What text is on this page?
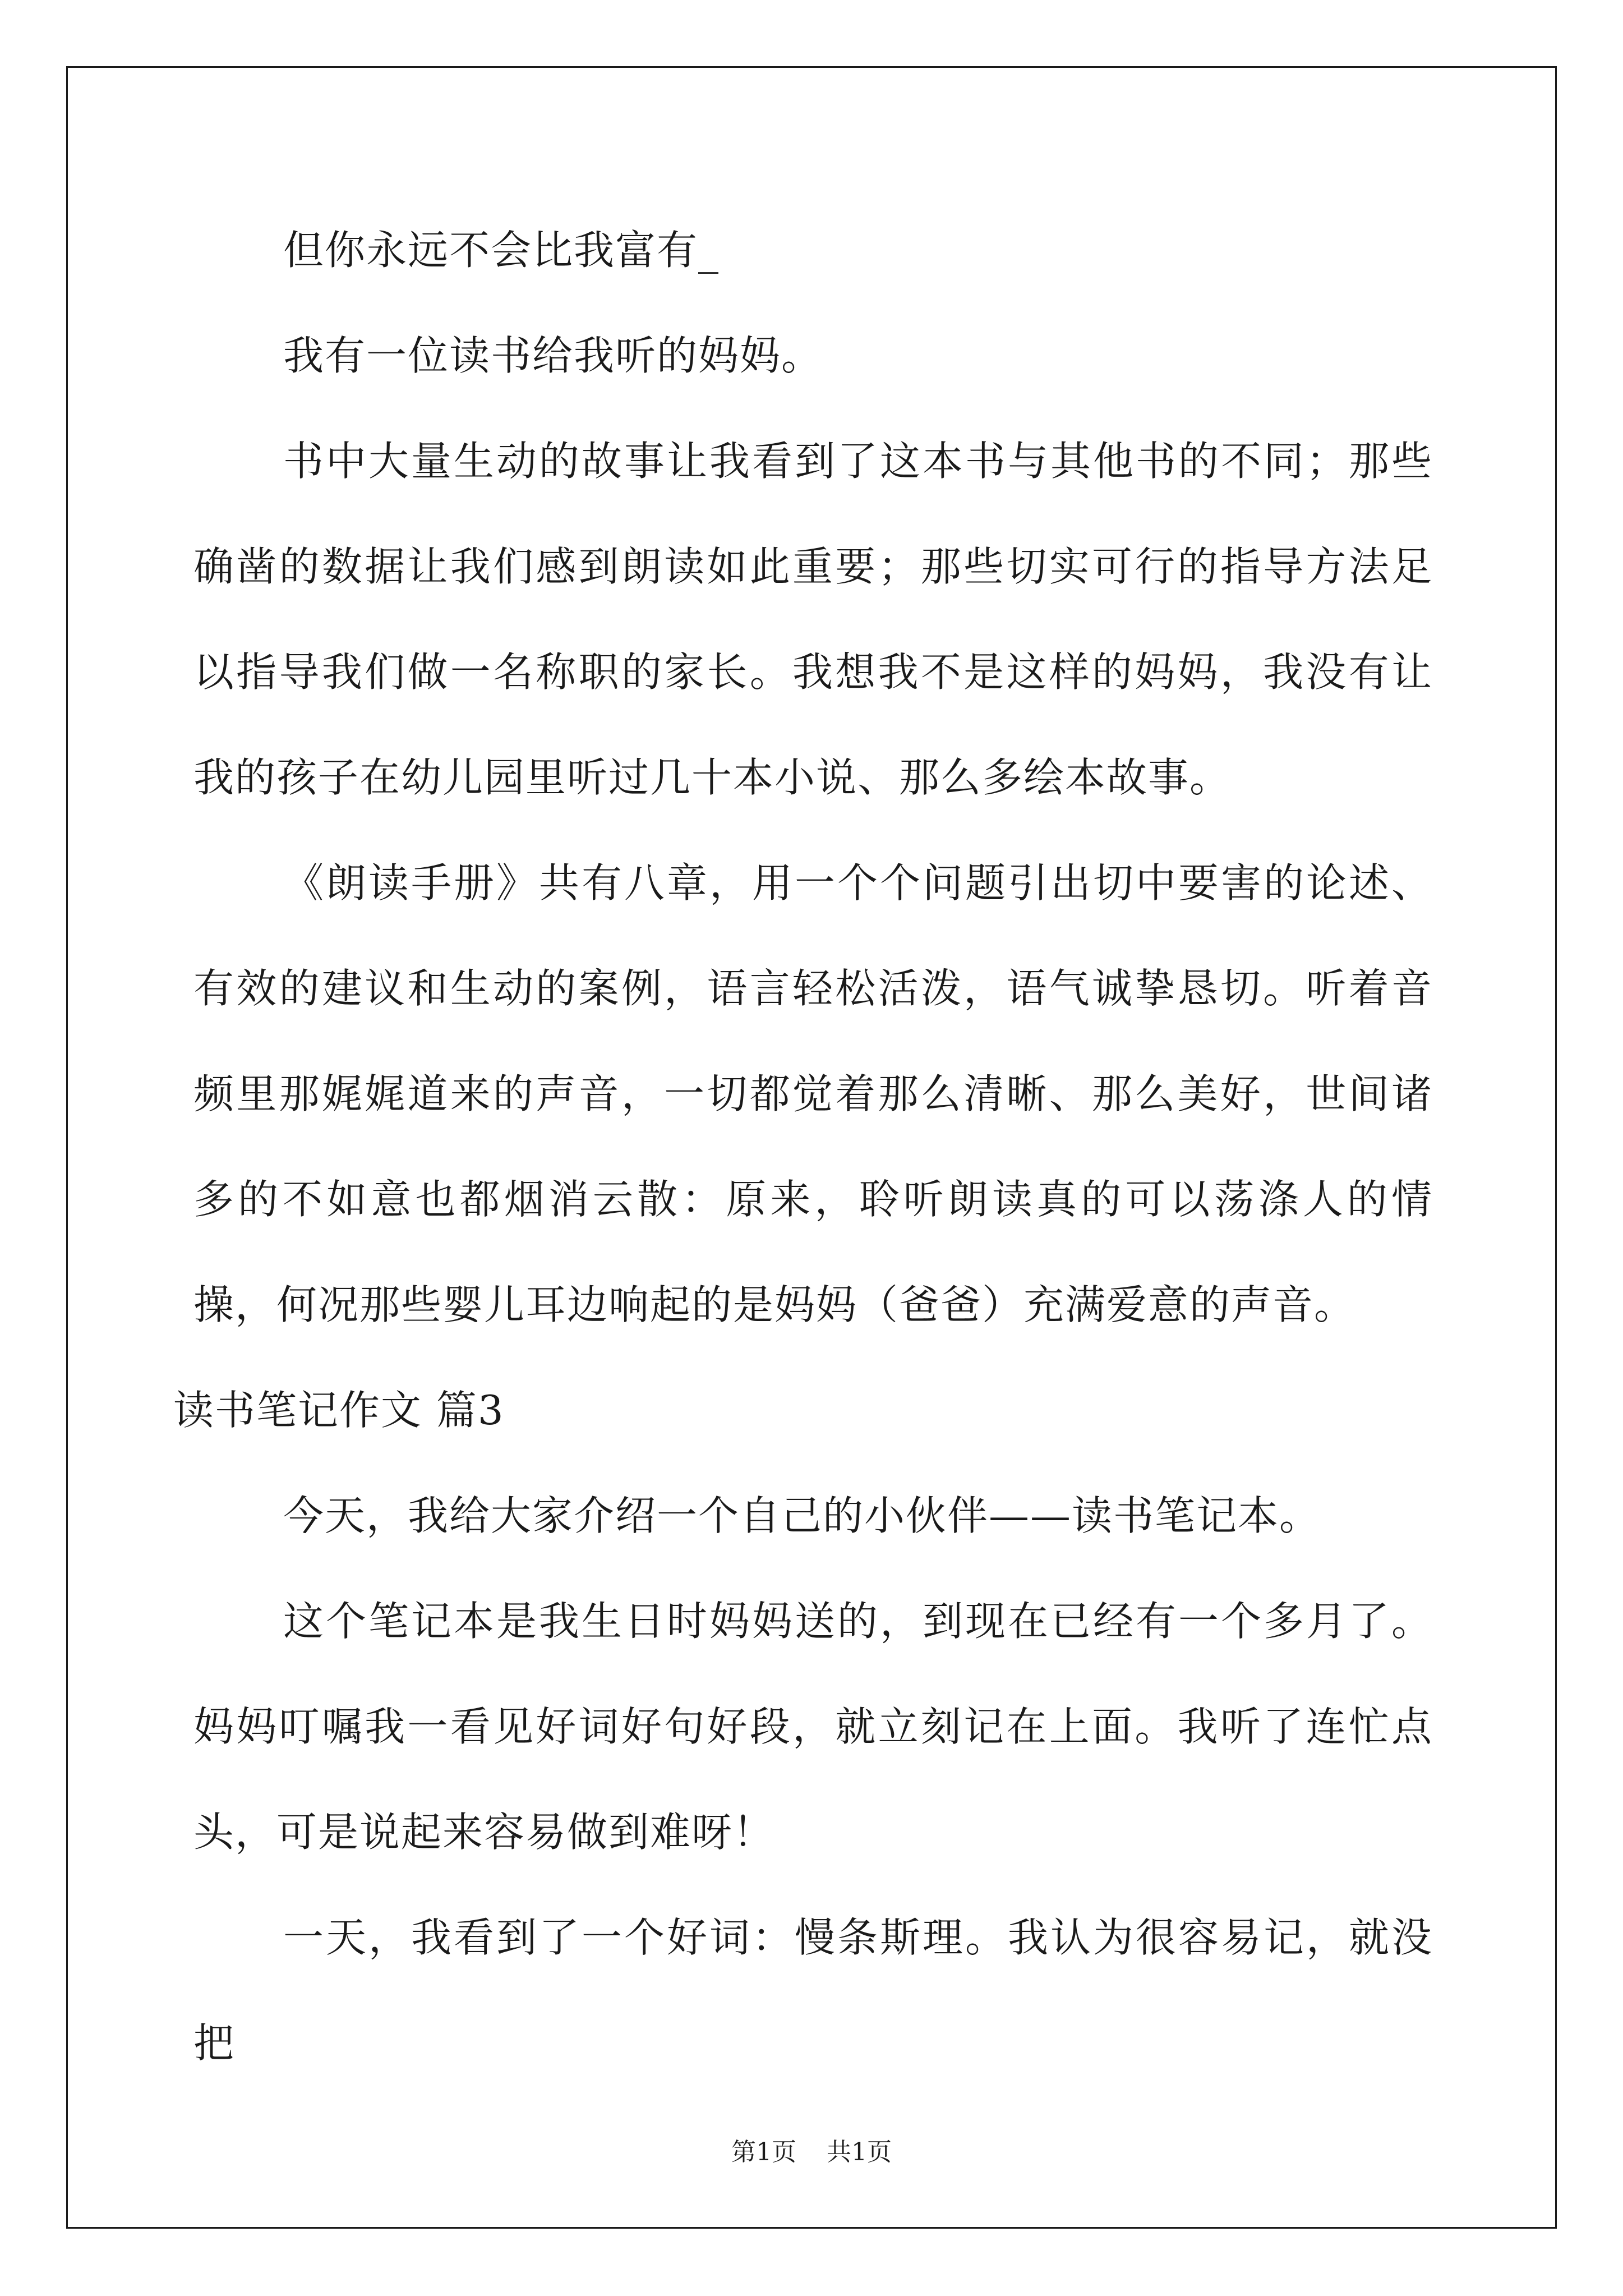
但你永远不会比我富有_

我有一位读书给我听的妈妈。

书中大量生动的故事让我看到了这本书与其他书的不同；那些确凿的数据让我们感到朗读如此重要；那些切实可行的指导方法足以指导我们做一名称职的家长。我想我不是这样的妈妈，我没有让我的孩子在幼儿园里听过几十本小说、那么多绘本故事。

《朗读手册》共有八章，用一个个问题引出切中要害的论述、有效的建议和生动的案例，语言轻松活泼，语气诚挚恳切。听着音频里那娓娓道来的声音，一切都觉着那么清晰、那么美好，世间诸多的不如意也都烟消云散：原来，聆听朗读真的可以荡涤人的情操，何况那些婴儿耳边响起的是妈妈（爸爸）充满爱意的声音。

读书笔记作文 篇3

今天，我给大家介绍一个自己的小伙伴——读书笔记本。

这个笔记本是我生日时妈妈送的，到现在已经有一个多月了。妈妈叮嘱我一看见好词好句好段，就立刻记在上面。我听了连忙点头，可是说起来容易做到难呀！

一天，我看到了一个好词：慢条斯理。我认为很容易记，就没把

第1页 共1页
